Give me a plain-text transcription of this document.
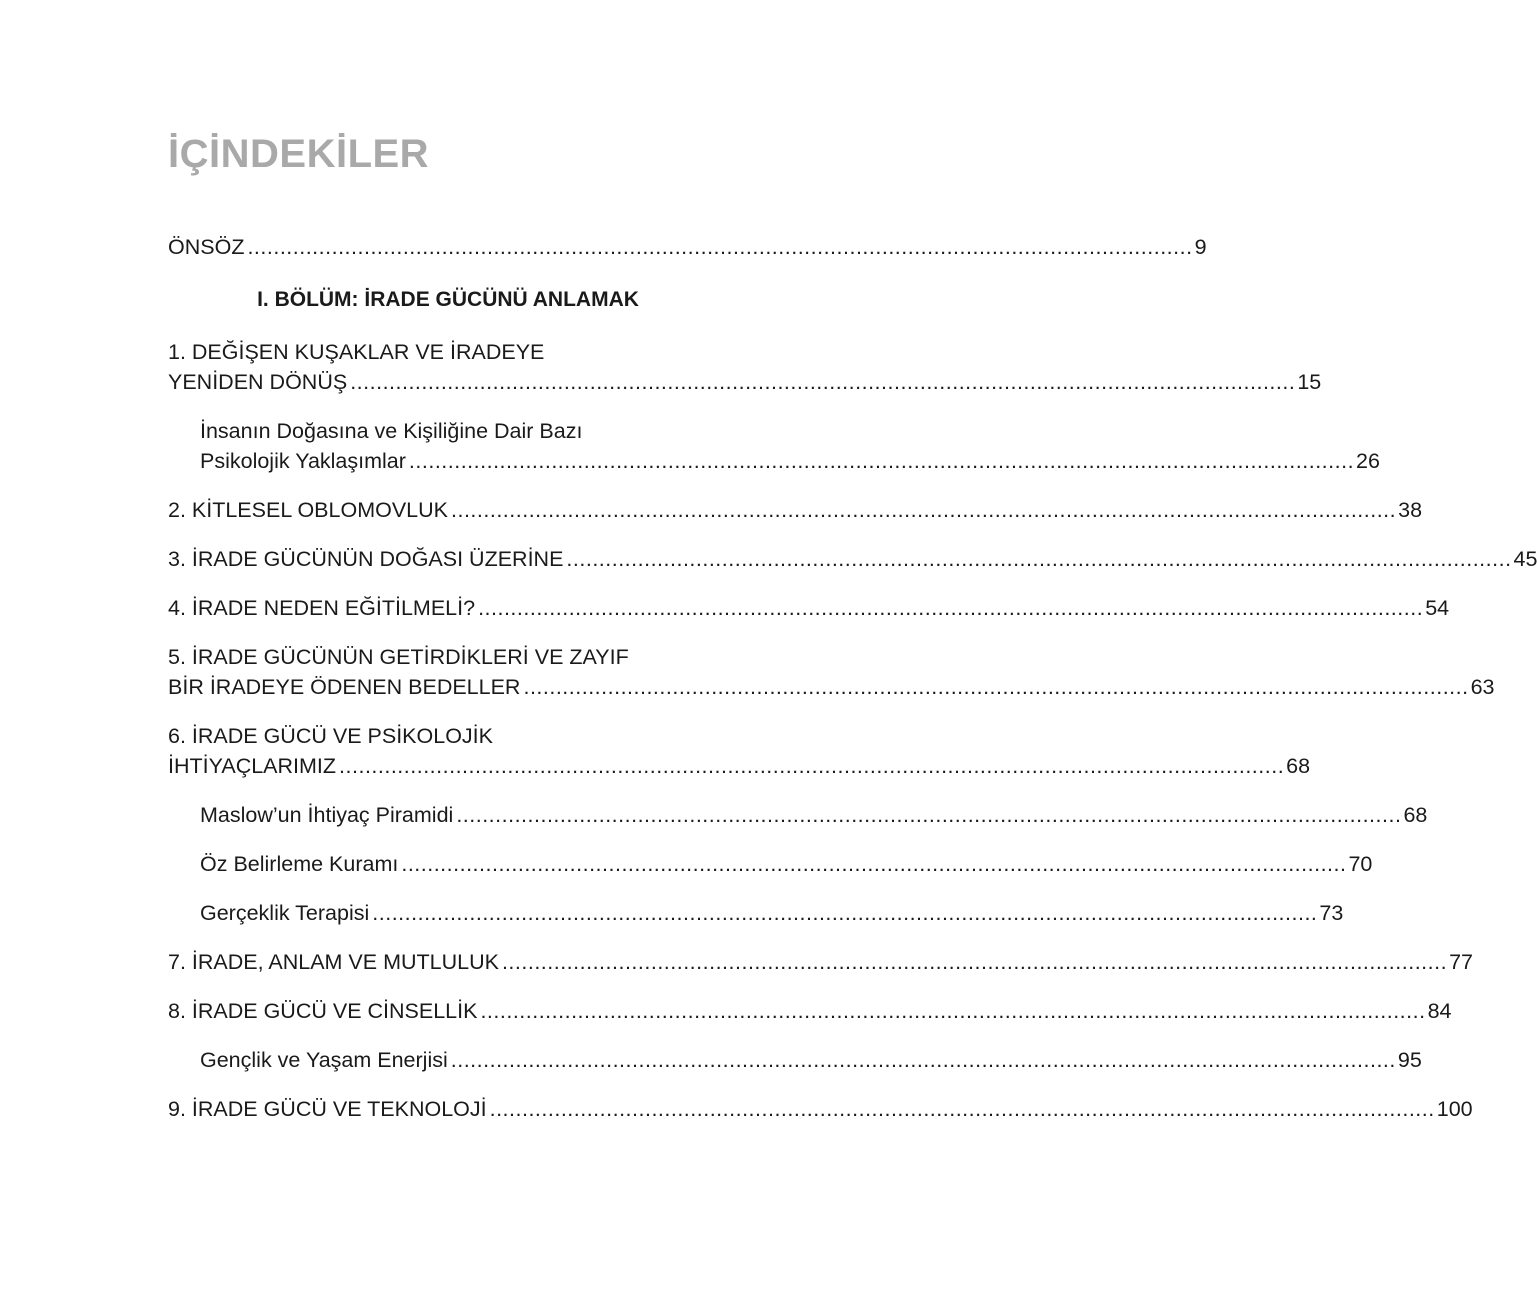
İÇİNDEKİLER
ÖNSÖZ .................................................................................................................................................. 9
I. BÖLÜM: İRADE GÜCÜNÜ ANLAMAK
1. DEĞİŞEN KUŞAKLAR VE İRADEYE
YENİDEN DÖNÜŞ .................................................................................................................................................. 15
İnsanın Doğasına ve Kişiliğine Dair Bazı
Psikolojik Yaklaşımlar .................................................................................................................................................. 26
2. KİTLESEL OBLOMOVLUK .................................................................................................................................................. 38
3. İRADE GÜCÜNÜN DOĞASI ÜZERİNE .................................................................................................................................................. 45
4. İRADE NEDEN EĞİTİLMELİ? .................................................................................................................................................. 54
5. İRADE GÜCÜNÜN GETİRDİKLERİ VE ZAYIF
BİR İRADEYE ÖDENEN BEDELLER .................................................................................................................................................. 63
6. İRADE GÜCÜ VE PSİKOLOJİK
İHTİYAÇLARIMIZ .................................................................................................................................................. 68
Maslow’un İhtiyaç Piramidi .................................................................................................................................................. 68
Öz Belirleme Kuramı .................................................................................................................................................. 70
Gerçeklik Terapisi .................................................................................................................................................. 73
7. İRADE, ANLAM VE MUTLULUK .................................................................................................................................................. 77
8. İRADE GÜCÜ VE CİNSELLİK .................................................................................................................................................. 84
Gençlik ve Yaşam Enerjisi .................................................................................................................................................. 95
9. İRADE GÜCÜ VE TEKNOLOJİ .................................................................................................................................................. 100
